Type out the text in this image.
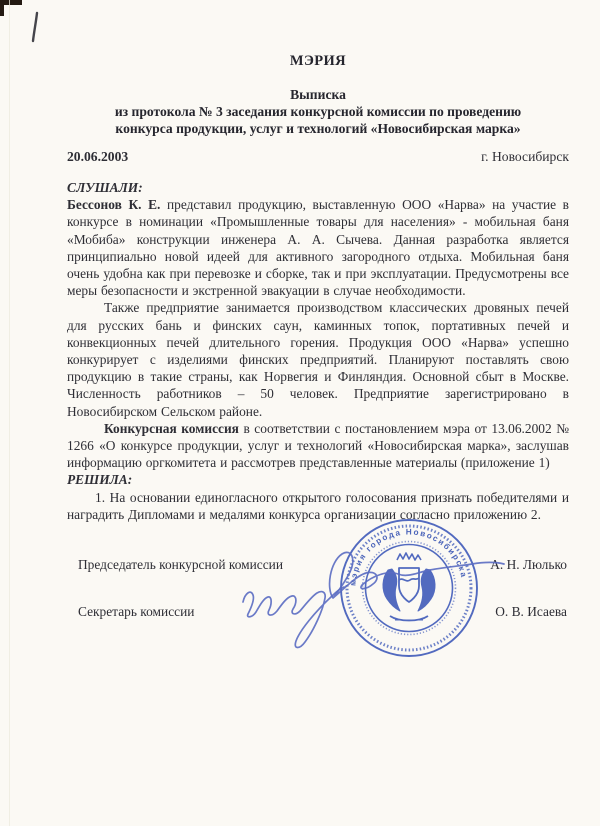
МЭРИЯ
Выписка
из протокола № 3 заседания конкурсной комиссии по проведению
конкурса продукции, услуг и технологий «Новосибирская марка»
20.06.2003	г. Новосибирск

СЛУШАЛИ:

Бессонов К. Е. представил продукцию, выставленную ООО «Нарва» на участие в конкурсе в номинации «Промышленные товары для населения» - мобильная баня «Мобиба» конструкции инженера А. А. Сычева. Данная разработка является принципиально новой идеей для активного загородного отдыха. Мобильная баня очень удобна как при перевозке и сборке, так и при эксплуатации. Предусмотрены все меры безопасности и экстренной эвакуации в случае необходимости.

Также предприятие занимается производством классических дровяных печей для русских бань и финских саун, каминных топок, портативных печей и конвекционных печей длительного горения. Продукция ООО «Нарва» успешно конкурирует с изделиями финских предприятий. Планируют поставлять свою продукцию в такие страны, как Норвегия и Финляндия. Основной сбыт в Москве. Численность работников – 50 человек. Предприятие зарегистрировано в Новосибирском Сельском районе.

Конкурсная комиссия в соответствии с постановлением мэра от 13.06.2002 № 1266 «О конкурсе продукции, услуг и технологий «Новосибирская марка», заслушав информацию оргкомитета и рассмотрев представленные материалы (приложение 1)

РЕШИЛА:

1. На основании единогласного открытого голосования признать победителями и наградить Дипломами и медалями конкурса организации согласно приложению 2.

Председатель конкурсной комиссии	А. Н. Люлько
Секретарь комиссии	О. В. Исаева
мэрия города Новосибирска
